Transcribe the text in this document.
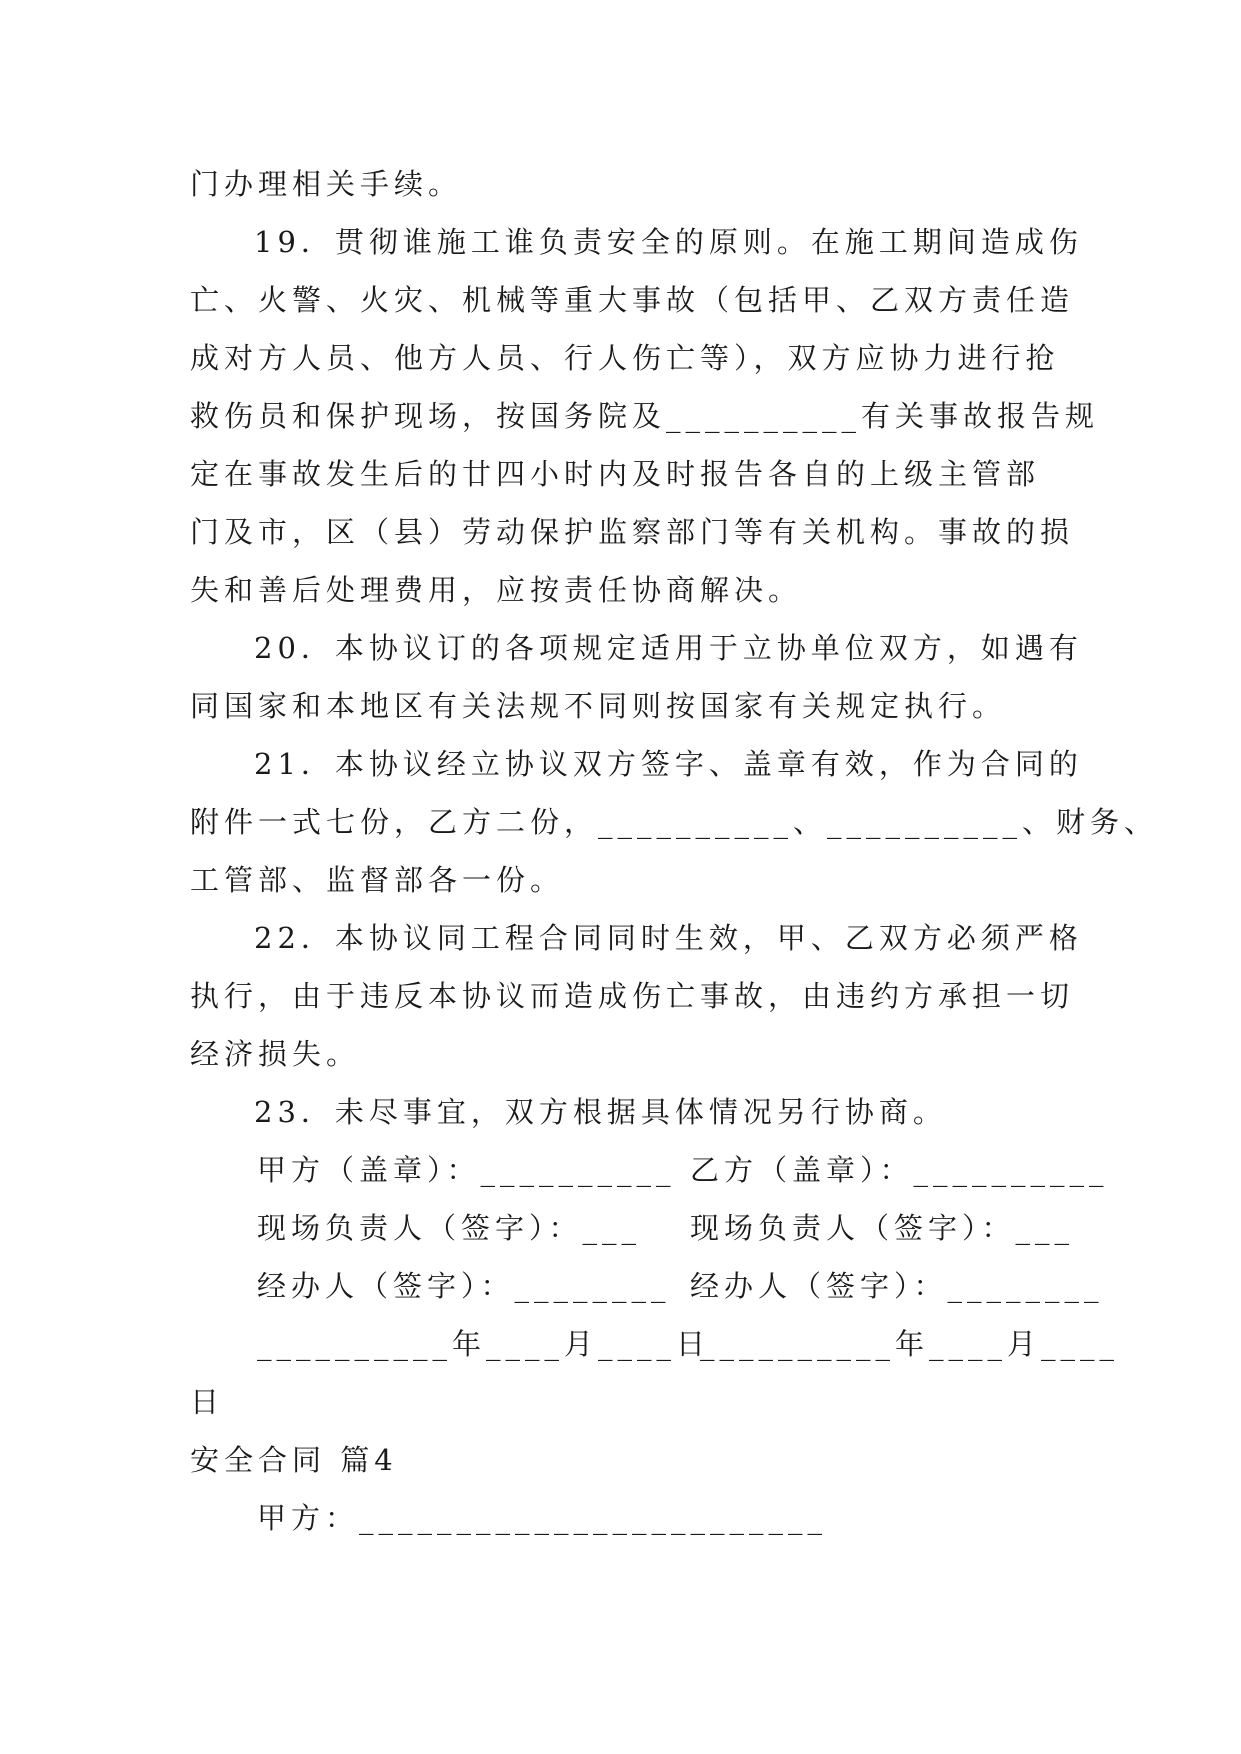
门办理相关手续。
19．贯彻谁施工谁负责安全的原则。在施工期间造成伤
亡、火警、火灾、机械等重大事故（包括甲、乙双方责任造
成对方人员、他方人员、行人伤亡等），双方应协力进行抢
救伤员和保护现场，按国务院及__________有关事故报告规
定在事故发生后的廿四小时内及时报告各自的上级主管部
门及市，区（县）劳动保护监察部门等有关机构。事故的损
失和善后处理费用，应按责任协商解决。
20．本协议订的各项规定适用于立协单位双方，如遇有
同国家和本地区有关法规不同则按国家有关规定执行。
21．本协议经立协议双方签字、盖章有效，作为合同的
附件一式七份，乙方二份，__________、__________、财务、
工管部、监督部各一份。
22．本协议同工程合同同时生效，甲、乙双方必须严格
执行，由于违反本协议而造成伤亡事故，由违约方承担一切
经济损失。
23．未尽事宜，双方根据具体情况另行协商。
甲方（盖章）：__________ 乙方（盖章）：__________
现场负责人（签字）：___ 现场负责人（签字）：___
经办人（签字）：________ 经办人（签字）：________
__________年____月____日
__________年____月____
日
安全合同 篇4
甲方：________________________
